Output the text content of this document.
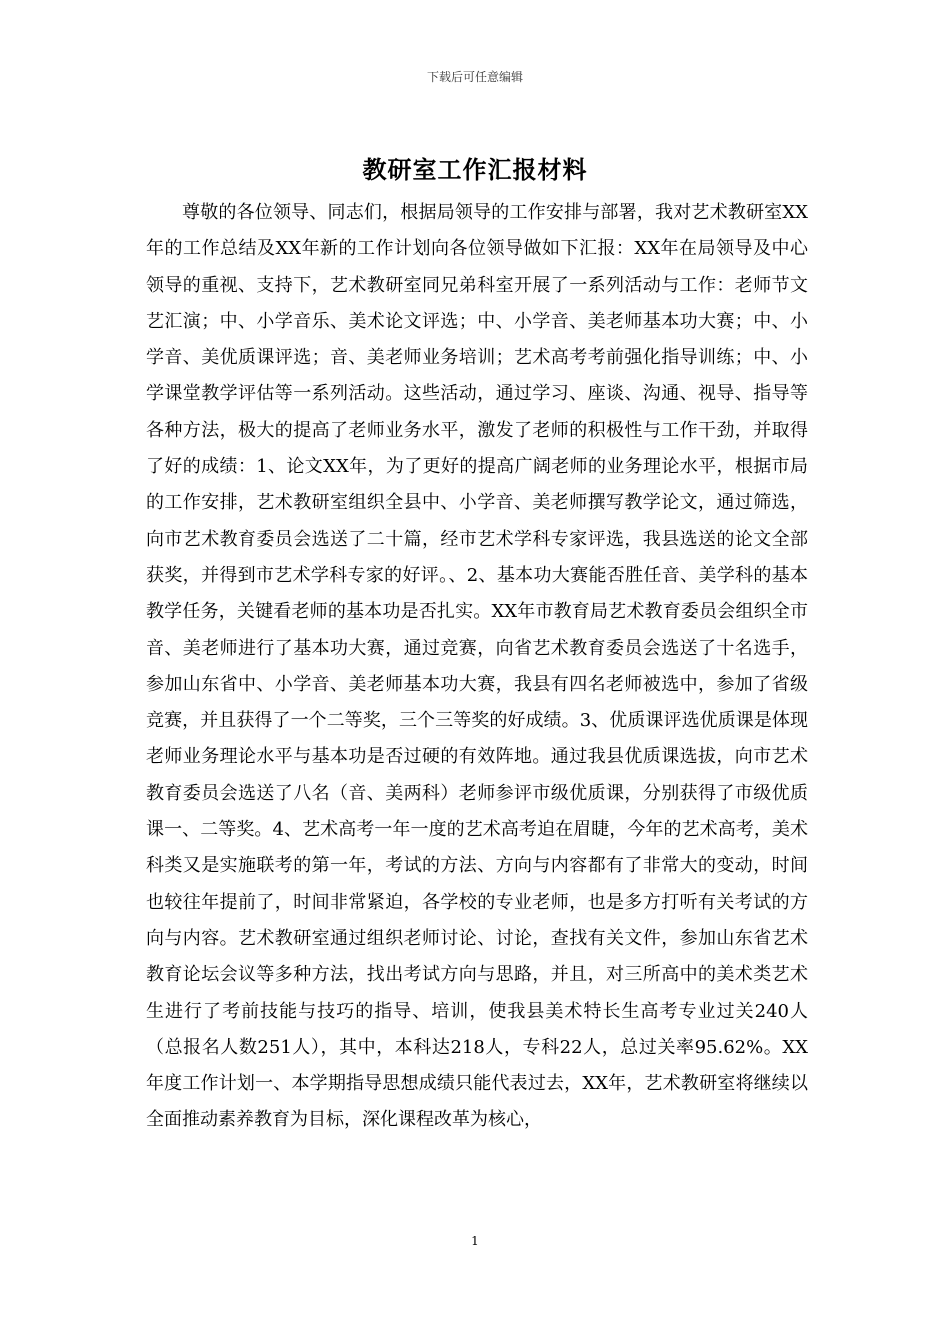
下载后可任意编辑
教研室工作汇报材料

尊敬的各位领导、同志们，根据局领导的工作安排与部署，我对艺术教研室XX年的工作总结及XX年新的工作计划向各位领导做如下汇报：XX年在局领导及中心领导的重视、支持下，艺术教研室同兄弟科室开展了一系列活动与工作：老师节文艺汇演；中、小学音乐、美术论文评选；中、小学音、美老师基本功大赛；中、小学音、美优质课评选；音、美老师业务培训；艺术高考考前强化指导训练；中、小学课堂教学评估等一系列活动。这些活动，通过学习、座谈、沟通、视导、指导等各种方法，极大的提高了老师业务水平，激发了老师的积极性与工作干劲，并取得了好的成绩：1、论文XX年，为了更好的提高广阔老师的业务理论水平，根据市局的工作安排，艺术教研室组织全县中、小学音、美老师撰写教学论文，通过筛选，向市艺术教育委员会选送了二十篇，经市艺术学科专家评选，我县选送的论文全部获奖，并得到市艺术学科专家的好评。、2、基本功大赛能否胜任音、美学科的基本教学任务，关键看老师的基本功是否扎实。XX年市教育局艺术教育委员会组织全市音、美老师进行了基本功大赛，通过竞赛，向省艺术教育委员会选送了十名选手，参加山东省中、小学音、美老师基本功大赛，我县有四名老师被选中，参加了省级竞赛，并且获得了一个二等奖，三个三等奖的好成绩。3、优质课评选优质课是体现老师业务理论水平与基本功是否过硬的有效阵地。通过我县优质课选拔，向市艺术教育委员会选送了八名（音、美两科）老师参评市级优质课，分别获得了市级优质课一、二等奖。4、艺术高考一年一度的艺术高考迫在眉睫，今年的艺术高考，美术科类又是实施联考的第一年，考试的方法、方向与内容都有了非常大的变动，时间也较往年提前了，时间非常紧迫，各学校的专业老师，也是多方打听有关考试的方向与内容。艺术教研室通过组织老师讨论、讨论，查找有关文件，参加山东省艺术教育论坛会议等多种方法，找出考试方向与思路，并且，对三所高中的美术类艺术生进行了考前技能与技巧的指导、培训，使我县美术特长生高考专业过关240人（总报名人数251人），其中，本科达218人，专科22人，总过关率95.62%。XX年度工作计划一、本学期指导思想成绩只能代表过去，XX年，艺术教研室将继续以全面推动素养教育为目标，深化课程改革为核心，

1
